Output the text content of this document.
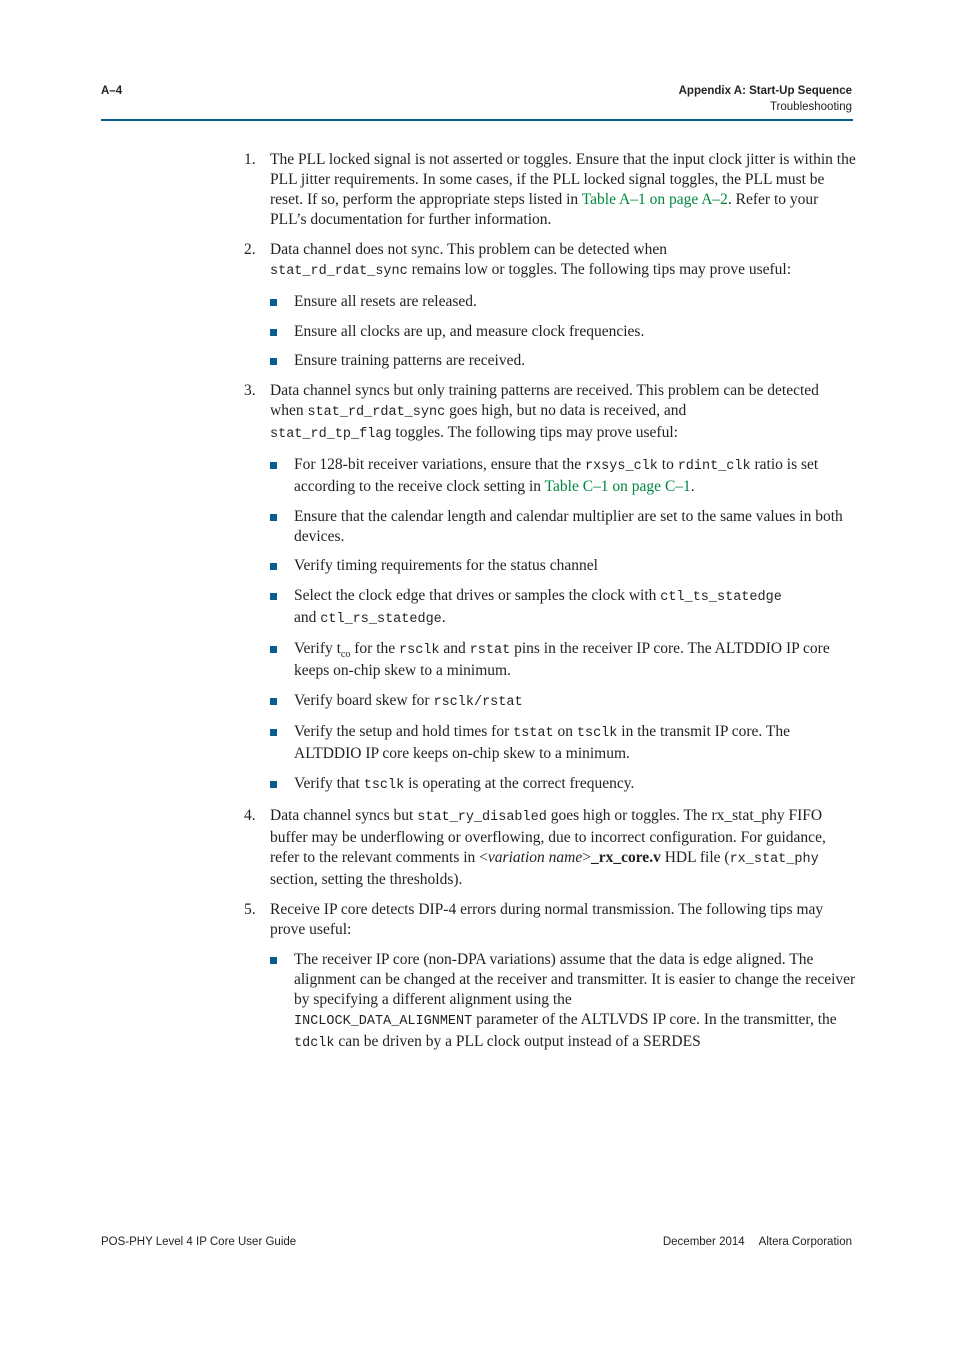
A–4	Appendix A: Start-Up Sequence
Troubleshooting
1. The PLL locked signal is not asserted or toggles. Ensure that the input clock jitter is within the PLL jitter requirements. In some cases, if the PLL locked signal toggles, the PLL must be reset. If so, perform the appropriate steps listed in Table A–1 on page A–2. Refer to your PLL’s documentation for further information.
2. Data channel does not sync. This problem can be detected when
stat_rd_rdat_sync remains low or toggles. The following tips may prove useful:
Ensure all resets are released.
Ensure all clocks are up, and measure clock frequencies.
Ensure training patterns are received.
3. Data channel syncs but only training patterns are received. This problem can be detected when stat_rd_rdat_sync goes high, but no data is received, and
stat_rd_tp_flag toggles. The following tips may prove useful:
For 128-bit receiver variations, ensure that the rxsys_clk to rdint_clk ratio is set according to the receive clock setting in Table C–1 on page C–1.
Ensure that the calendar length and calendar multiplier are set to the same values in both devices.
Verify timing requirements for the status channel
Select the clock edge that drives or samples the clock with ctl_ts_statedge
and ctl_rs_statedge.
Verify $t_{co}$ for the rsclk and rstat pins in the receiver IP core. The ALTDDIO IP core keeps on-chip skew to a minimum.
Verify board skew for rsclk/rstat
Verify the setup and hold times for tstat on tsclk in the transmit IP core. The ALTDDIO IP core keeps on-chip skew to a minimum.
Verify that tsclk is operating at the correct frequency.
4. Data channel syncs but stat_ry_disabled goes high or toggles. The rx_stat_phy FIFO buffer may be underflowing or overflowing, due to incorrect configuration. For guidance, refer to the relevant comments in <variation name>_rx_core.v HDL file (rx_stat_phy section, setting the thresholds).
5. Receive IP core detects DIP-4 errors during normal transmission. The following tips may prove useful:
The receiver IP core (non-DPA variations) assume that the data is edge aligned. The alignment can be changed at the receiver and transmitter. It is easier to change the receiver by specifying a different alignment using the
INCLOCK_DATA_ALIGNMENT parameter of the ALTLVDS IP core. In the transmitter, the tdclk can be driven by a PLL clock output instead of a SERDES
POS-PHY Level 4 IP Core User Guide	December 2014 Altera Corporation
